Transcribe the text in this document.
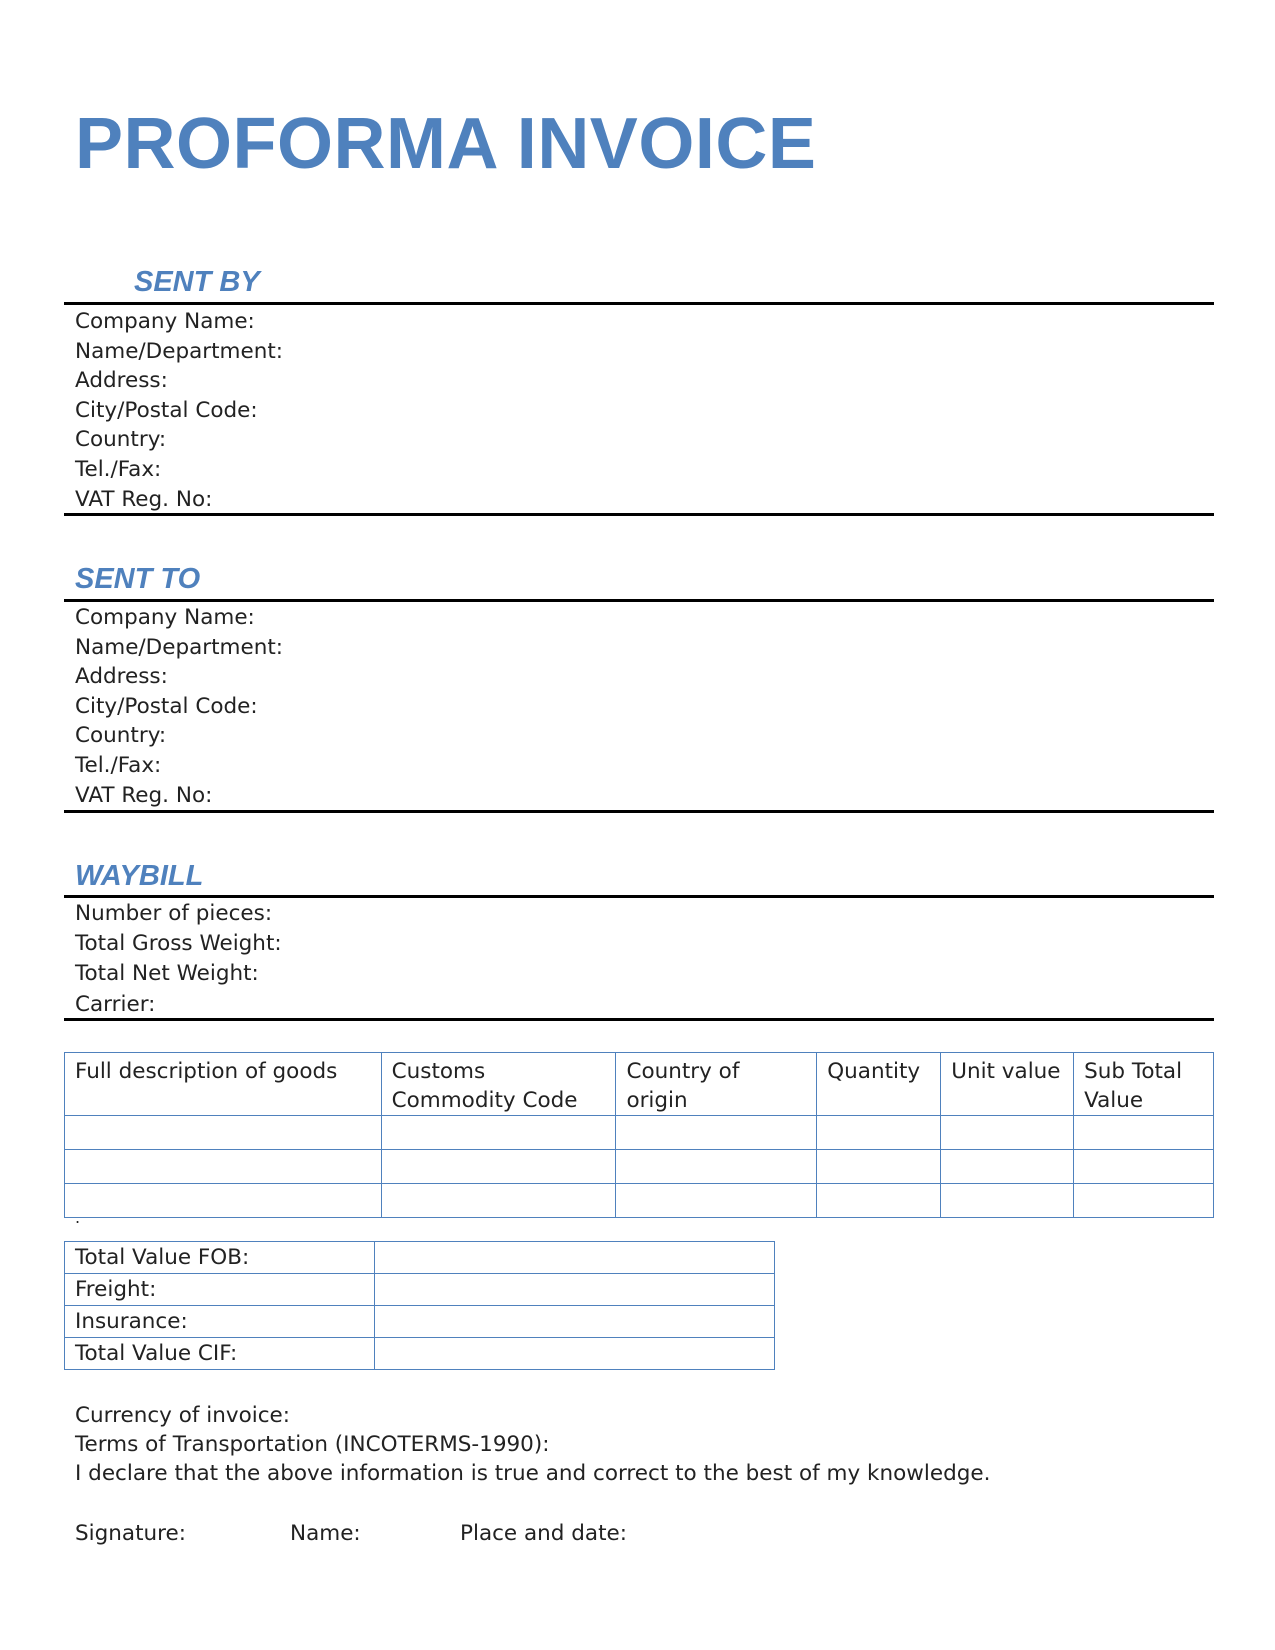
PROFORMA INVOICE
SENT BY
Company Name:
Name/Department:
Address:
City/Postal Code:
Country:
Tel./Fax:
VAT Reg. No:
SENT TO
Company Name:
Name/Department:
Address:
City/Postal Code:
Country:
Tel./Fax:
VAT Reg. No:
WAYBILL
Number of pieces:
Total Gross Weight:
Total Net Weight:
Carrier:
Full description of goods	Customs Commodity Code	Country of origin	Quantity	Unit value	Sub Total Value

.
Total Value FOB:	
Freight:	
Insurance:	
Total Value CIF:	
Currency of invoice:
Terms of Transportation (INCOTERMS-1990):
I declare that the above information is true and correct to the best of my knowledge.
Signature:	Name:	Place and date:
